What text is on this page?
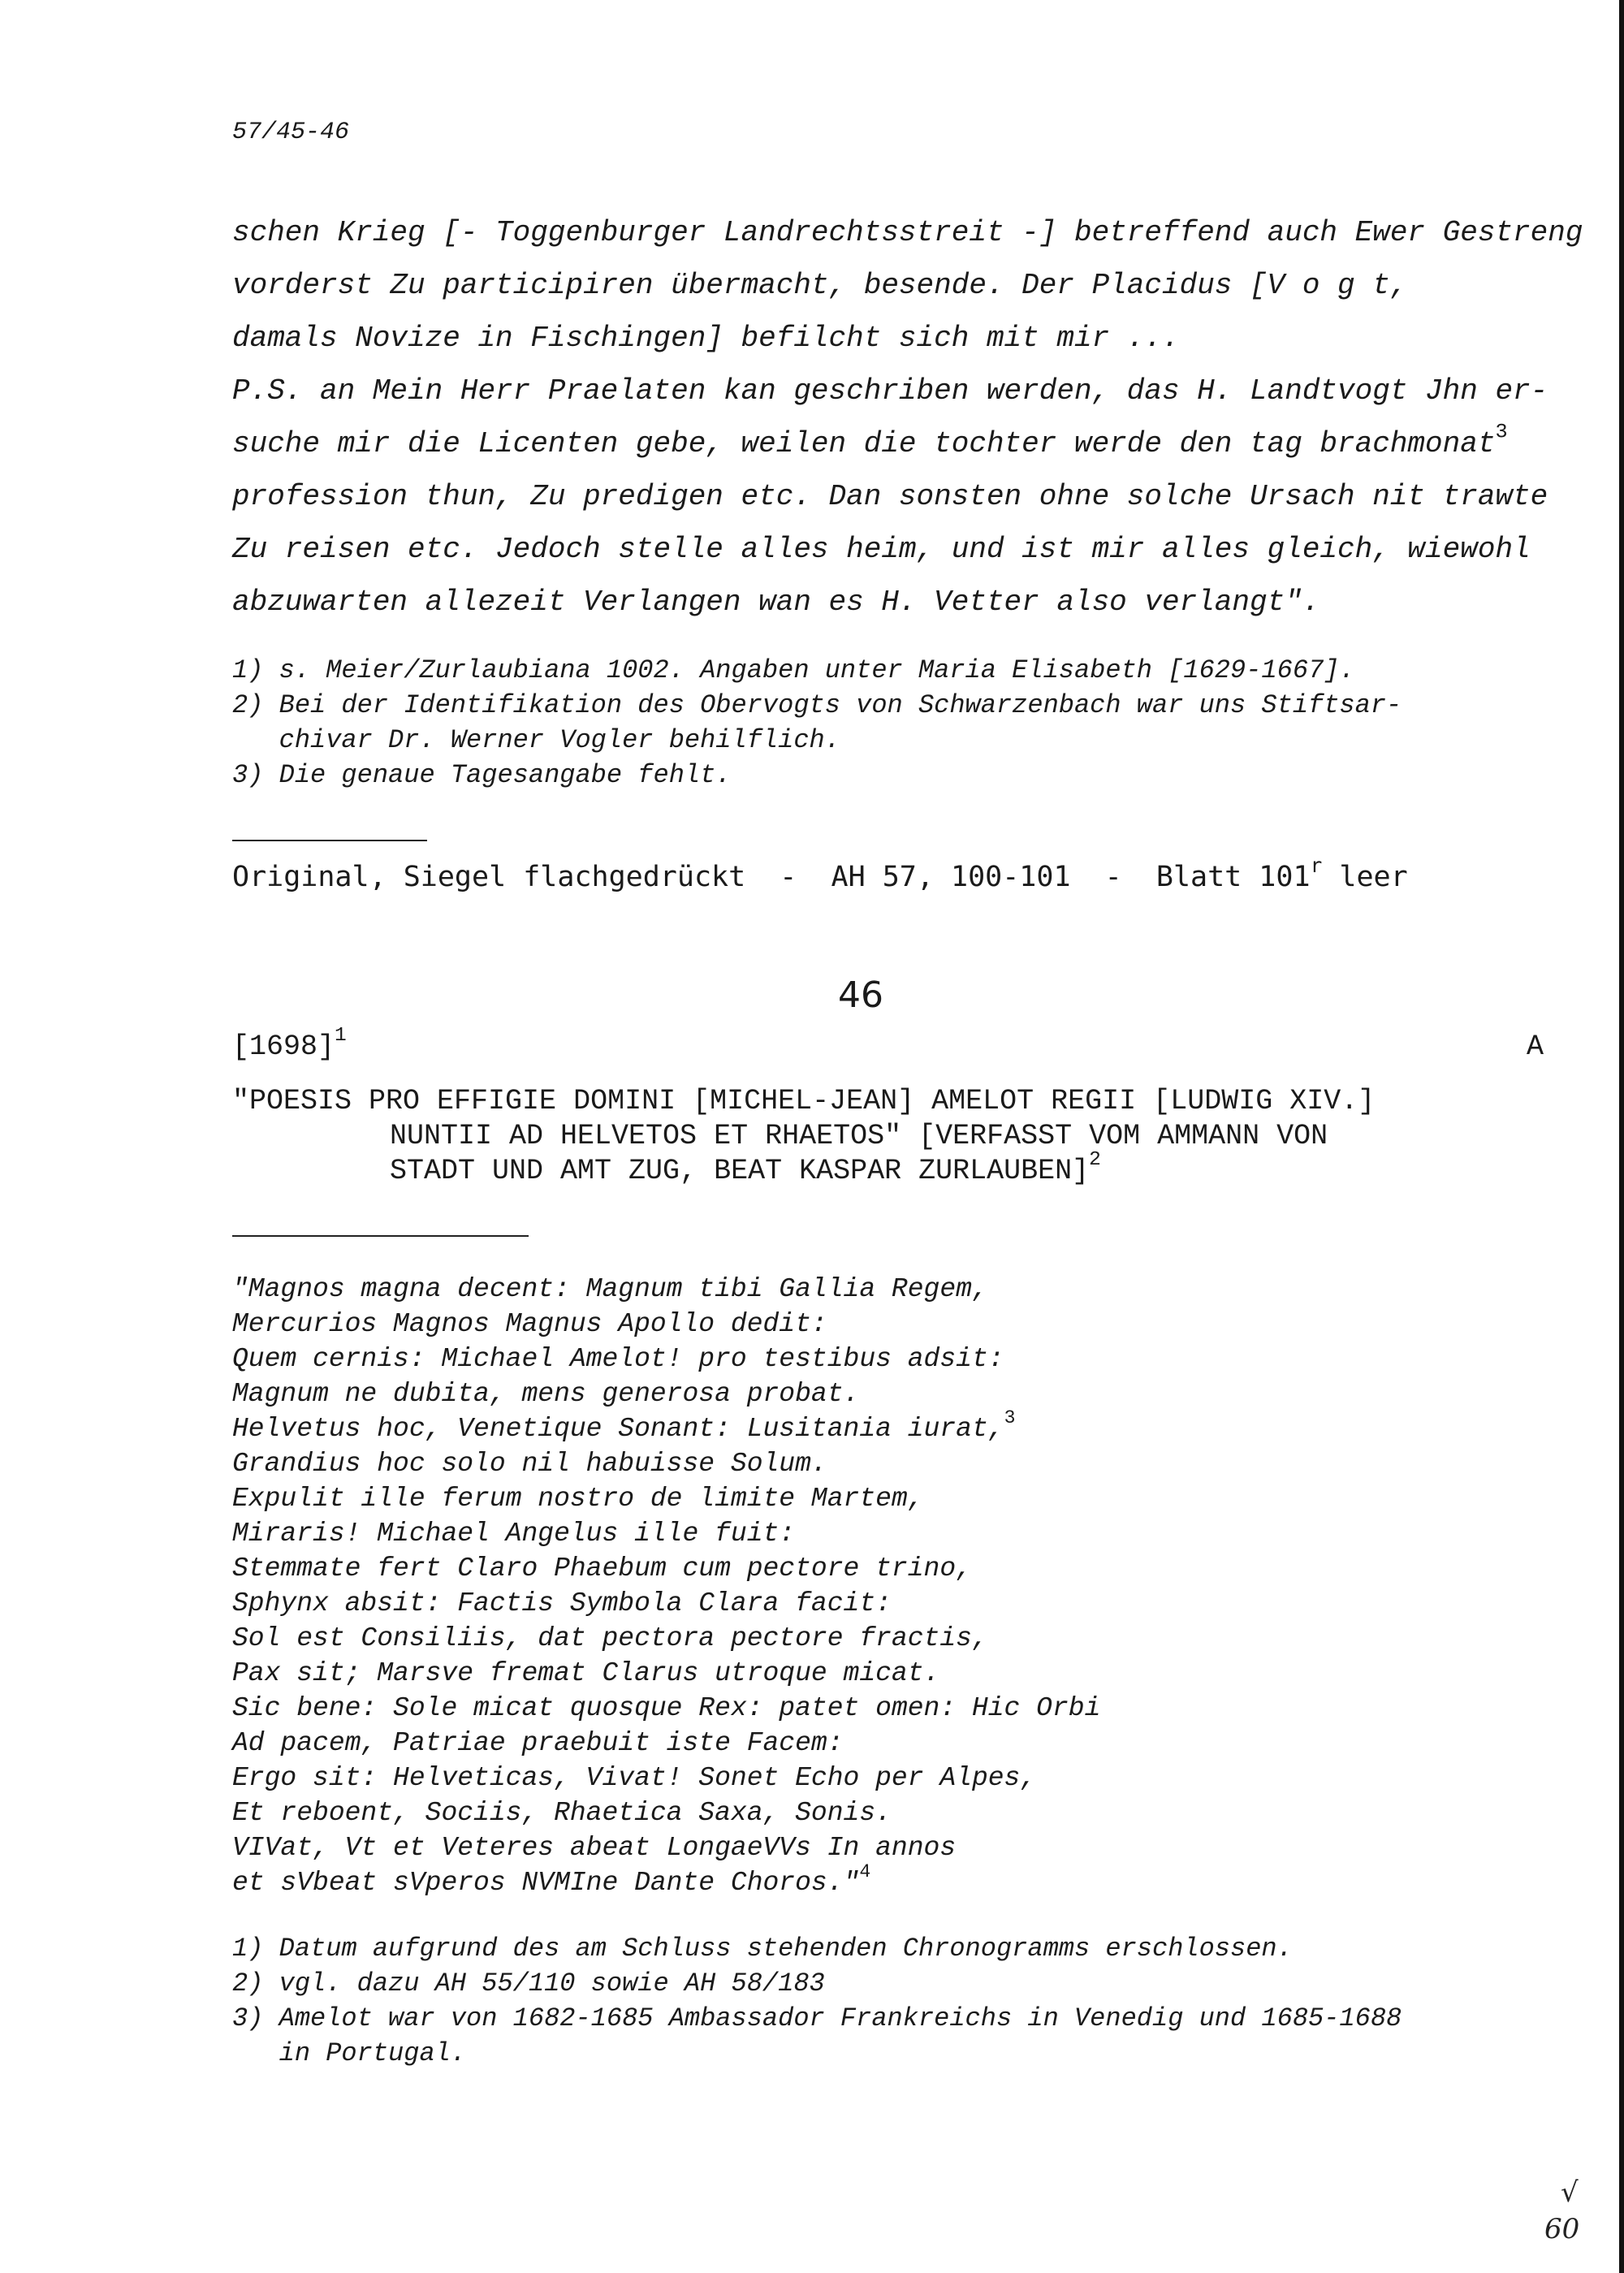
57/45-46
schen Krieg [- Toggenburger Landrechtsstreit -] betreffend auch Ewer Gestreng
vorderst Zu participiren übermacht, besende. Der Placidus [V o g t,
damals Novize in Fischingen] befilcht sich mit mir ...
P.S. an Mein Herr Praelaten kan geschriben werden, das H. Landtvogt Jhn er-
suche mir die Licenten gebe, weilen die tochter werde den tag brachmonat$^3$
profession thun, Zu predigen etc. Dan sonsten ohne solche Ursach nit trawte
Zu reisen etc. Jedoch stelle alles heim, und ist mir alles gleich, wiewohl
abzuwarten allezeit Verlangen wan es H. Vetter also verlangt".
1) s. Meier/Zurlaubiana 1002. Angaben unter Maria Elisabeth [1629-1667].
2) Bei der Identifikation des Obervogts von Schwarzenbach war uns Stiftsar-
chivar Dr. Werner Vogler behilflich.
3) Die genaue Tagesangabe fehlt.
Original, Siegel flachgedrückt  -  AH 57, 100-101  -  Blatt 101$^r$ leer
46
$[1698]^1$	A
"POESIS PRO EFFIGIE DOMINI [MICHEL-JEAN] AMELOT REGII [LUDWIG XIV.]
NUNTII AD HELVETOS ET RHAETOS" [VERFASST VOM AMMANN VON
STADT UND AMT ZUG, BEAT KASPAR ZURLAUBEN]$^2$
"Magnos magna decent: Magnum tibi Gallia Regem,
Mercurios Magnos Magnus Apollo dedit:
Quem cernis: Michael Amelot! pro testibus adsit:
Magnum ne dubita, mens generosa probat.
Helvetus hoc, Venetique Sonant: Lusitania iurat,$^3$
Grandius hoc solo nil habuisse Solum.
Expulit ille ferum nostro de limite Martem,
Miraris! Michael Angelus ille fuit:
Stemmate fert Claro Phaebum cum pectore trino,
Sphynx absit: Factis Symbola Clara facit:
Sol est Consiliis, dat pectora pectore fractis,
Pax sit; Marsve fremat Clarus utroque micat.
Sic bene: Sole micat quosque Rex: patet omen: Hic Orbi
Ad pacem, Patriae praebuit iste Facem:
Ergo sit: Helveticas, Vivat! Sonet Echo per Alpes,
Et reboent, Sociis, Rhaetica Saxa, Sonis.
VIVat, Vt et Veteres abeat LongaeVVs In annos
et sVbeat sVperos NVMIne Dante Choros."$^4$
1) Datum aufgrund des am Schluss stehenden Chronogramms erschlossen.
2) vgl. dazu AH 55/110 sowie AH 58/183
3) Amelot war von 1682-1685 Ambassador Frankreichs in Venedig und 1685-1688
in Portugal.
√
60
